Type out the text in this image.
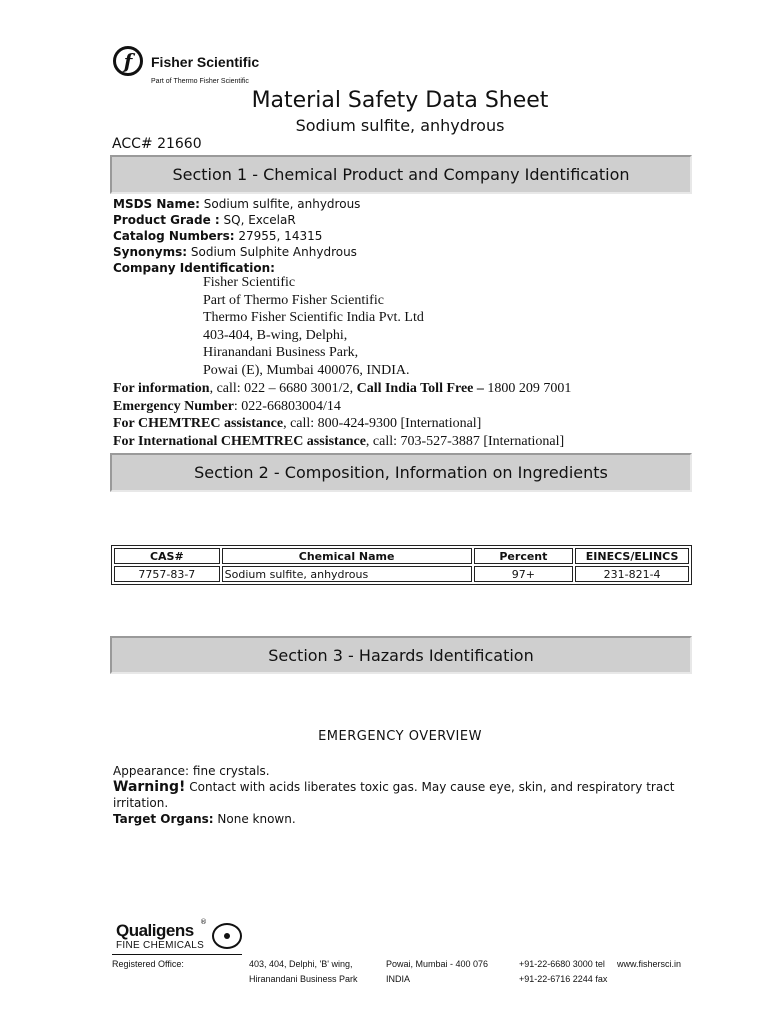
f	Fisher Scientific
Part of Thermo Fisher Scientific
Material Safety Data Sheet
Sodium sulfite, anhydrous
ACC# 21660
Section 1 - Chemical Product and Company Identification
MSDS Name: Sodium sulfite, anhydrous
Product Grade : SQ, ExcelaR
Catalog Numbers: 27955, 14315
Synonyms: Sodium Sulphite Anhydrous
Company Identification:
Fisher Scientific
Part of Thermo Fisher Scientific
Thermo Fisher Scientific India Pvt. Ltd
403-404, B-wing, Delphi,
Hiranandani Business Park,
Powai (E), Mumbai 400076, INDIA.
For information, call: 022 – 6680 3001/2, Call India Toll Free – 1800 209 7001
Emergency Number: 022-66803004/14
For CHEMTREC assistance, call: 800-424-9300 [International]
For International CHEMTREC assistance, call: 703-527-3887 [International]
Section 2 - Composition, Information on Ingredients
CAS#	Chemical Name	Percent	EINECS/ELINCS
7757-83-7	Sodium sulfite, anhydrous	97+	231-821-4
Section 3 - Hazards Identification
EMERGENCY OVERVIEW
Appearance: fine crystals.
Warning! Contact with acids liberates toxic gas. May cause eye, skin, and respiratory tract irritation.
Target Organs: None known.
Qualigens ®
FINE CHEMICALS
Registered Office:	403, 404, Delphi, 'B' wing,
Hiranandani Business Park
Powai, Mumbai - 400 076
INDIA
+91-22-6680 3000 tel
+91-22-6716 2244 fax
www.fishersci.in
